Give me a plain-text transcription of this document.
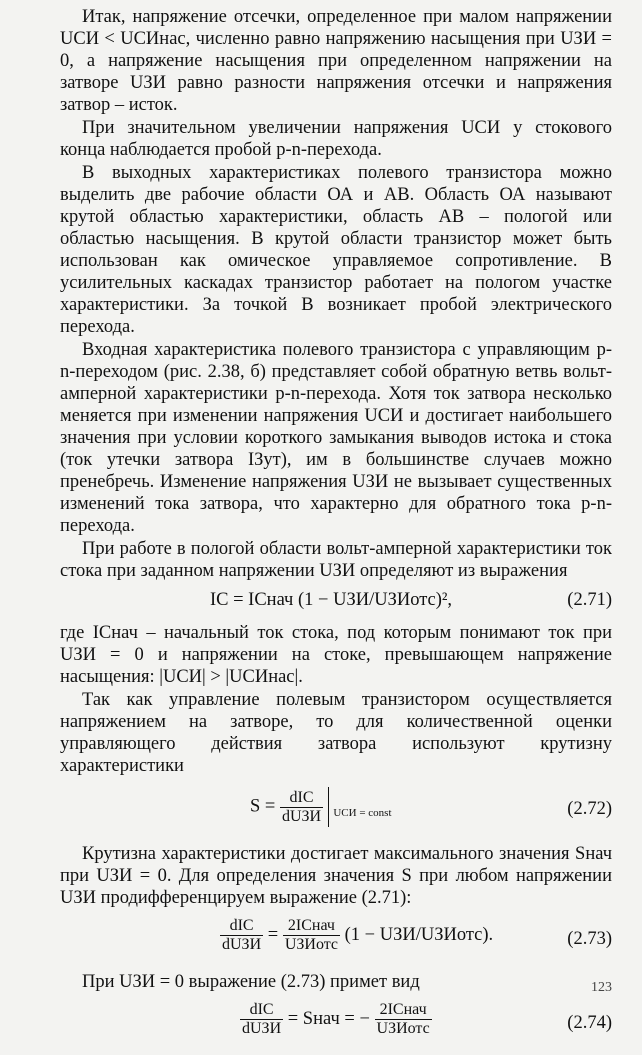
Итак, напряжение отсечки, определенное при малом напряжении UСИ < UСИнас, численно равно напряжению насыщения при UЗИ = 0, а напряжение насыщения при определенном напряжении на затворе UЗИ равно разности напряжения отсечки и напряжения затвор – исток.

При значительном увеличении напряжения UСИ у стокового конца наблюдается пробой p-n-перехода.

В выходных характеристиках полевого транзистора можно выделить две рабочие области ОА и АВ. Область ОА называют крутой областью характеристики, область АВ – пологой или областью насыщения. В крутой области транзистор может быть использован как омическое управляемое сопротивление. В усилительных каскадах транзистор работает на пологом участке характеристики. За точкой В возникает пробой электрического перехода.

Входная характеристика полевого транзистора с управляющим p-n-переходом (рис. 2.38, б) представляет собой обратную ветвь вольт-амперной характеристики p-n-перехода. Хотя ток затвора несколько меняется при изменении напряжения UСИ и достигает наибольшего значения при условии короткого замыкания выводов истока и стока (ток утечки затвора IЗут), им в большинстве случаев можно пренебречь. Изменение напряжения UЗИ не вызывает существенных изменений тока затвора, что характерно для обратного тока p-n-перехода.

При работе в пологой области вольт-амперной характеристики ток стока при заданном напряжении UЗИ определяют из выражения

IС = IСнач (1 − UЗИ/UЗИотс)²,	(2.71)

где IСнач – начальный ток стока, под которым понимают ток при UЗИ = 0 и напряжении на стоке, превышающем напряжение насыщения: |UСИ| > |UСИнас|.

Так как управление полевым транзистором осуществляется напряжением на затворе, то для количественной оценки управляющего действия затвора используют крутизну характеристики

$S = \frac{\text{dIС}}{\text{dUЗИ}} _{UСИ = const}$	(2.72)

Крутизна характеристики достигает максимального значения Sнач при UЗИ = 0. Для определения значения S при любом напряжении UЗИ продифференцируем выражение (2.71):

$\frac{\text{dIС}}{\text{dUЗИ}} = \frac{\text{2IСнач}}{\text{UЗИотс}} (1$ − UЗИ/UЗИотс).	(2.73)

При UЗИ = 0 выражение (2.73) примет вид

$\frac{\text{dIС}}{\text{dUЗИ}}$ = Sнач = − $\frac{\text{2IСнач}}{\text{UЗИотс}}$	(2.74)
123
